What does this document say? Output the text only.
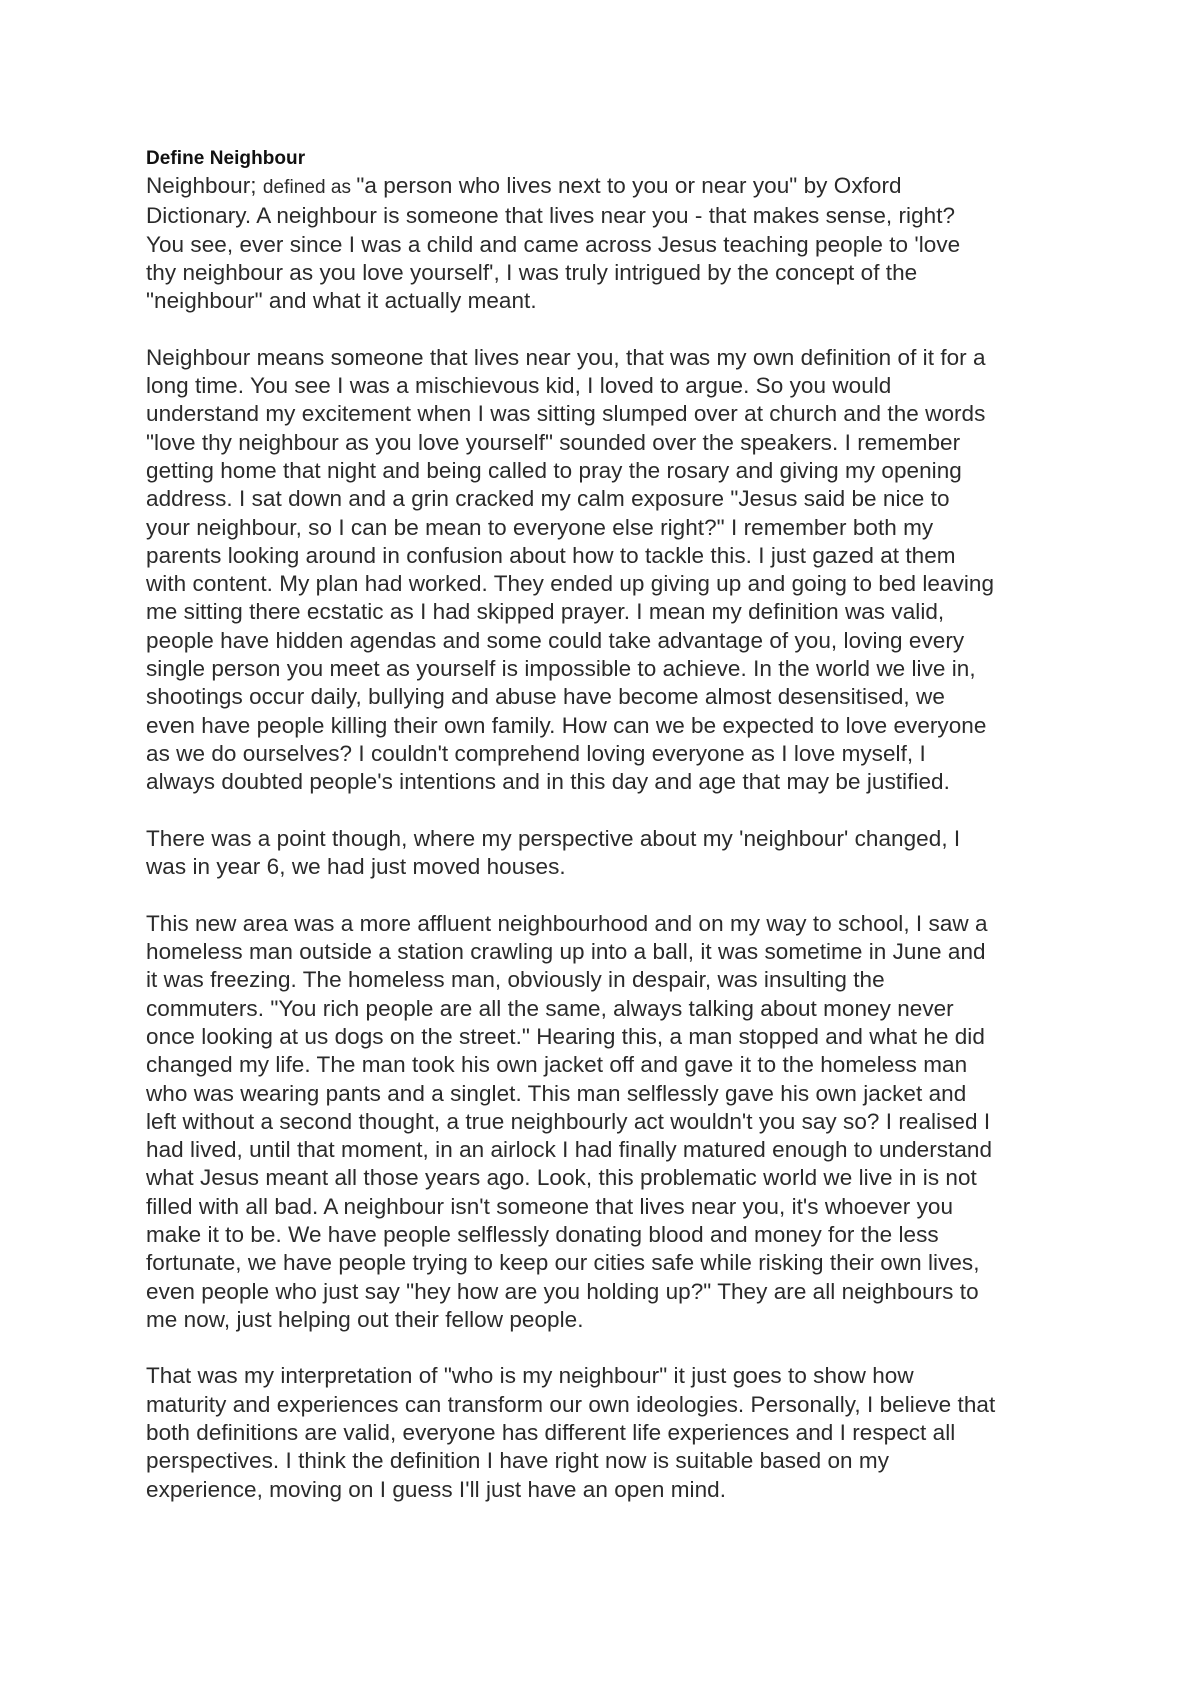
Define Neighbour
Neighbour; defined as "a person who lives next to you or near you" by Oxford
Dictionary. A neighbour is someone that lives near you - that makes sense, right?
You see, ever since I was a child and came across Jesus teaching people to 'love
thy neighbour as you love yourself', I was truly intrigued by the concept of the
"neighbour" and what it actually meant.
Neighbour means someone that lives near you, that was my own definition of it for a
long time. You see I was a mischievous kid, I loved to argue. So you would
understand my excitement when I was sitting slumped over at church and the words
"love thy neighbour as you love yourself" sounded over the speakers. I remember
getting home that night and being called to pray the rosary and giving my opening
address. I sat down and a grin cracked my calm exposure "Jesus said be nice to
your neighbour, so I can be mean to everyone else right?" I remember both my
parents looking around in confusion about how to tackle this. I just gazed at them
with content. My plan had worked. They ended up giving up and going to bed leaving
me sitting there ecstatic as I had skipped prayer. I mean my definition was valid,
people have hidden agendas and some could take advantage of you, loving every
single person you meet as yourself is impossible to achieve. In the world we live in,
shootings occur daily, bullying and abuse have become almost desensitised, we
even have people killing their own family. How can we be expected to love everyone
as we do ourselves? I couldn't comprehend loving everyone as I love myself, I
always doubted people's intentions and in this day and age that may be justified.
There was a point though, where my perspective about my 'neighbour' changed, I
was in year 6, we had just moved houses.
This new area was a more affluent neighbourhood and on my way to school, I saw a
homeless man outside a station crawling up into a ball, it was sometime in June and
it was freezing. The homeless man, obviously in despair, was insulting the
commuters. "You rich people are all the same, always talking about money never
once looking at us dogs on the street." Hearing this, a man stopped and what he did
changed my life. The man took his own jacket off and gave it to the homeless man
who was wearing pants and a singlet. This man selflessly gave his own jacket and
left without a second thought, a true neighbourly act wouldn't you say so? I realised I
had lived, until that moment, in an airlock I had finally matured enough to understand
what Jesus meant all those years ago. Look, this problematic world we live in is not
filled with all bad. A neighbour isn't someone that lives near you, it's whoever you
make it to be. We have people selflessly donating blood and money for the less
fortunate, we have people trying to keep our cities safe while risking their own lives,
even people who just say "hey how are you holding up?" They are all neighbours to
me now, just helping out their fellow people.
That was my interpretation of "who is my neighbour" it just goes to show how
maturity and experiences can transform our own ideologies. Personally, I believe that
both definitions are valid, everyone has different life experiences and I respect all
perspectives. I think the definition I have right now is suitable based on my
experience, moving on I guess I'll just have an open mind.
